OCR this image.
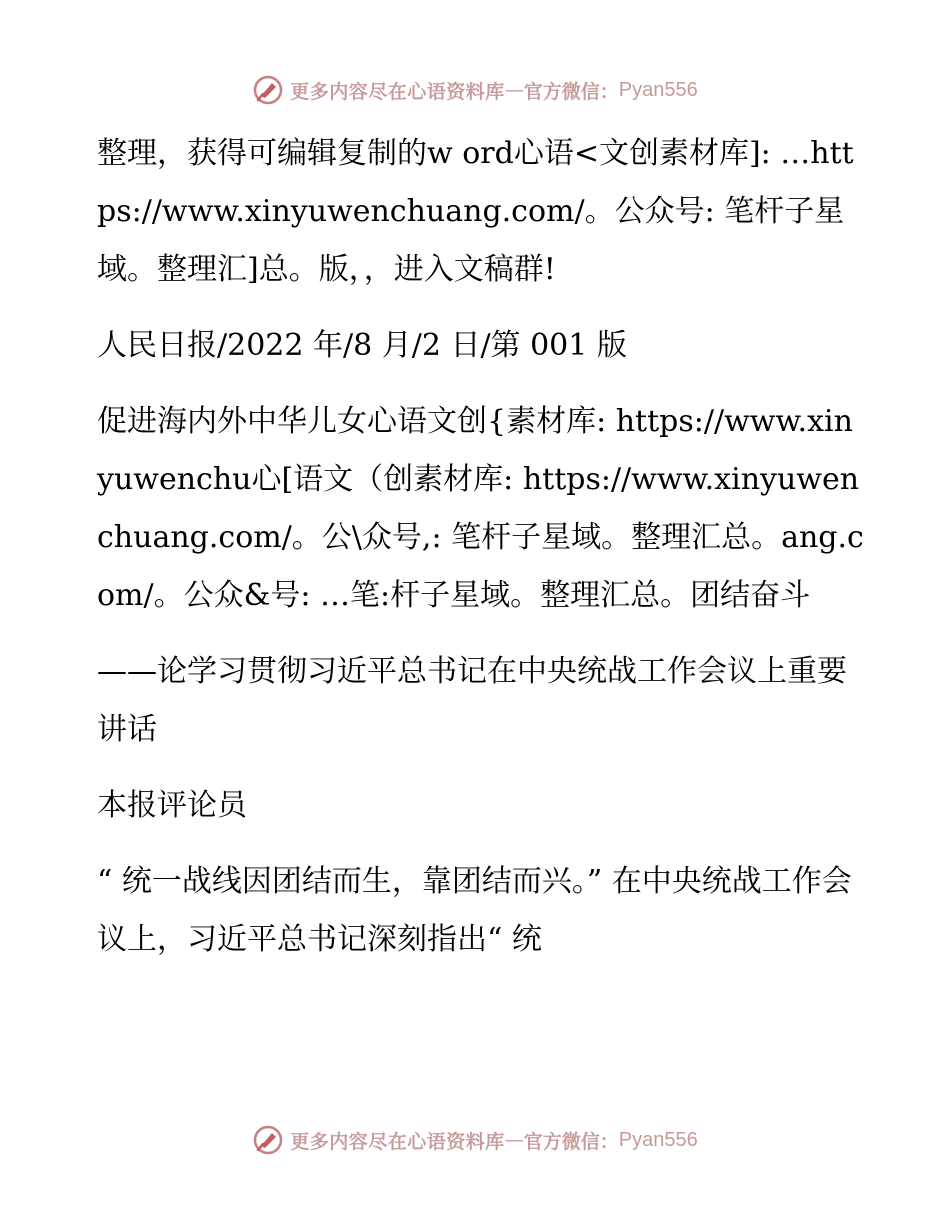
更多内容尽在心语资料库 — 官方微信： Pyan556

整理，获得可编辑复制的w ord心语<文创素材库]: …https://www.xinyuwenchuang.com/。公众号: 笔杆子星域。整理汇]总。版，，进入文稿群!

人民日报/2022 年/8 月/2 日/第 001 版

促进海内外中华儿女心语文创{素材库: https://www.xinyuwenchu心[语文（创素材库: https://www.xinyuwenchuang.com/。公\众号,: 笔杆子星域。整理汇总。ang.com/。公众&号: …笔:杆子星域。整理汇总。团结奋斗

——论学习贯彻习近平总书记在中央统战工作会议上重要讲话

本报评论员

“ 统一战线因团结而生，靠团结而兴。” 在中央统战工作会议上，习近平总书记深刻指出“ 统

更多内容尽在心语资料库 — 官方微信： Pyan556
